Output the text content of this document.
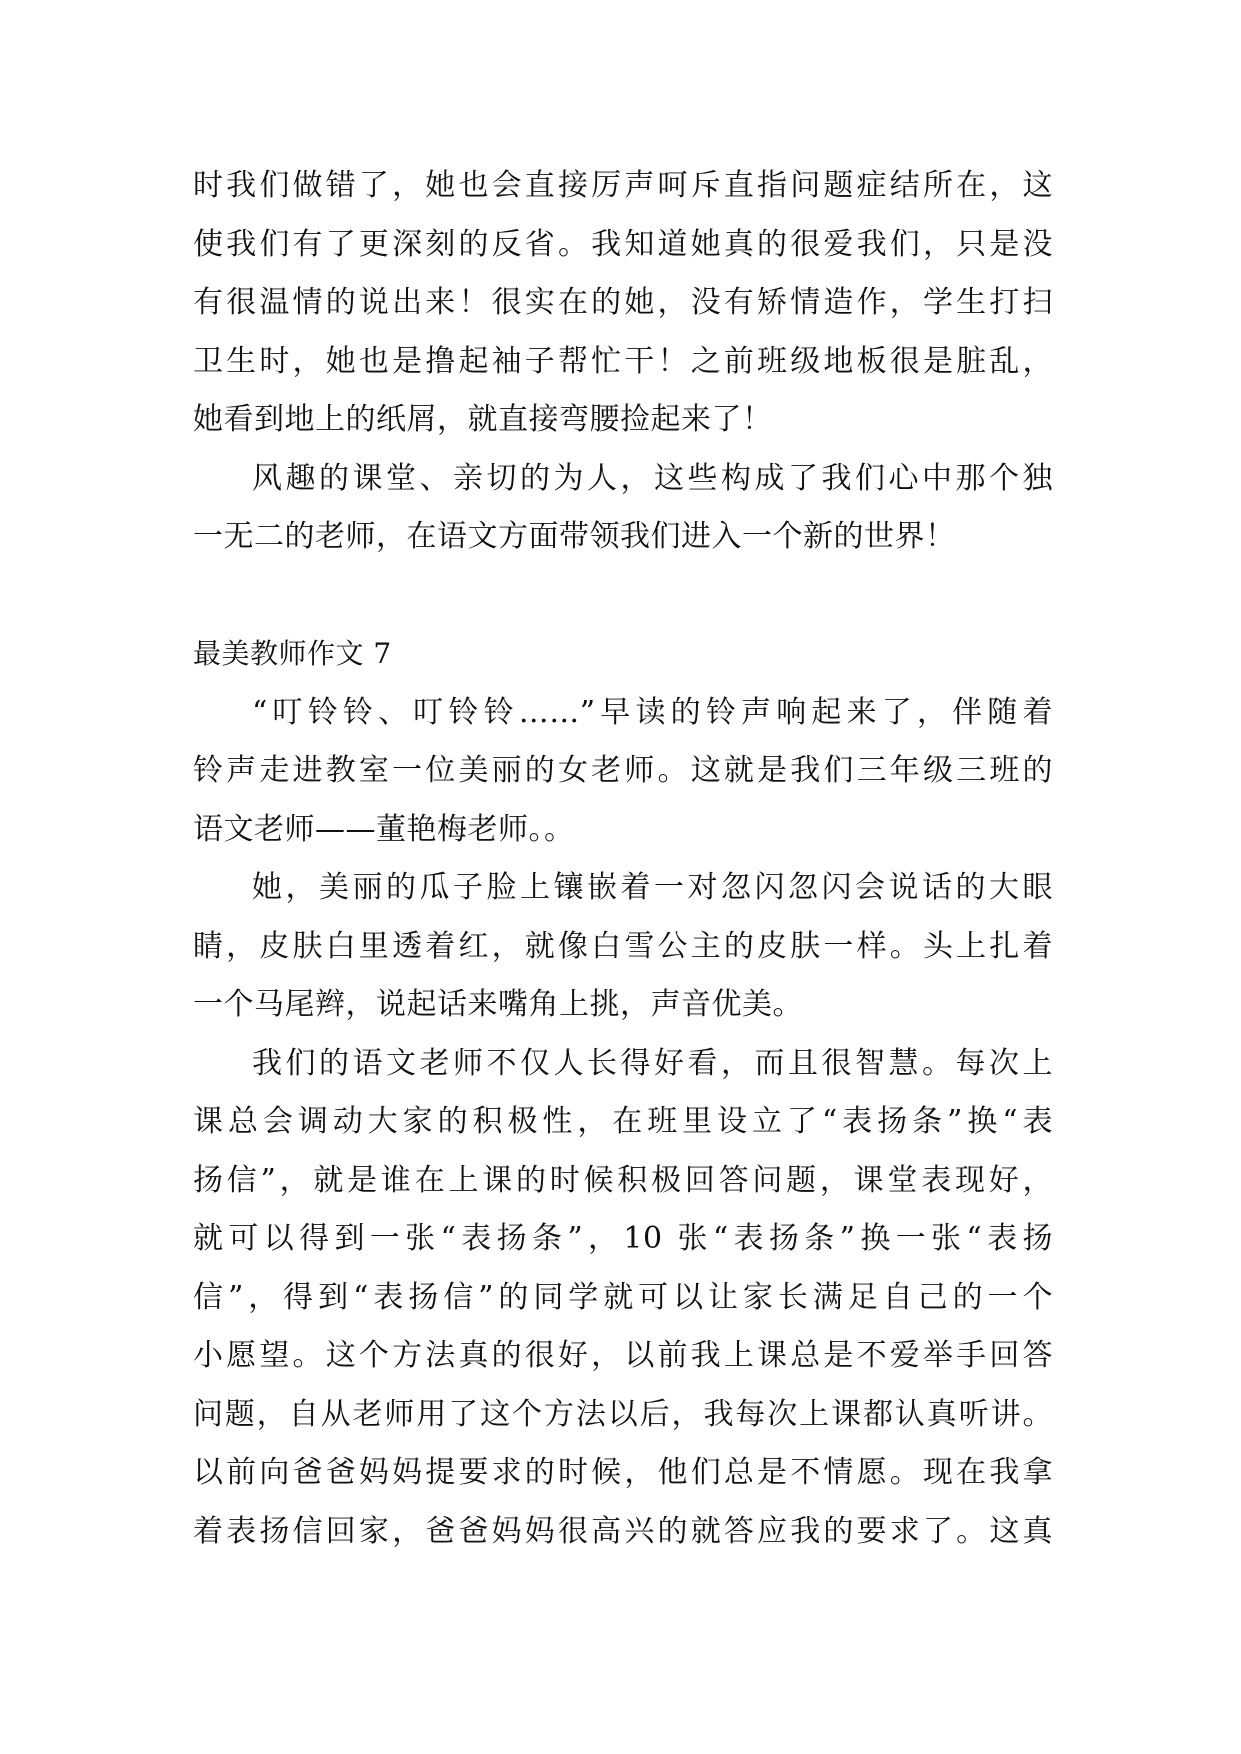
时我们做错了，她也会直接厉声呵斥直指问题症结所在，这
使我们有了更深刻的反省。我知道她真的很爱我们，只是没
有很温情的说出来！很实在的她，没有矫情造作，学生打扫
卫生时，她也是撸起袖子帮忙干！之前班级地板很是脏乱，
她看到地上的纸屑，就直接弯腰捡起来了！
风趣的课堂、亲切的为人，这些构成了我们心中那个独
一无二的老师，在语文方面带领我们进入一个新的世界！
最美教师作文 7
“叮铃铃、叮铃铃……”早读的铃声响起来了，伴随着
铃声走进教室一位美丽的女老师。这就是我们三年级三班的
语文老师——董艳梅老师。。
她，美丽的瓜子脸上镶嵌着一对忽闪忽闪会说话的大眼
睛，皮肤白里透着红，就像白雪公主的皮肤一样。头上扎着
一个马尾辫，说起话来嘴角上挑，声音优美。
我们的语文老师不仅人长得好看，而且很智慧。每次上
课总会调动大家的积极性，在班里设立了“表扬条”换“表
扬信”，就是谁在上课的时候积极回答问题，课堂表现好，
就可以得到一张“表扬条”，10 张“表扬条”换一张“表扬
信”，得到“表扬信”的同学就可以让家长满足自己的一个
小愿望。这个方法真的很好，以前我上课总是不爱举手回答
问题，自从老师用了这个方法以后，我每次上课都认真听讲。
以前向爸爸妈妈提要求的时候，他们总是不情愿。现在我拿
着表扬信回家，爸爸妈妈很高兴的就答应我的要求了。这真
